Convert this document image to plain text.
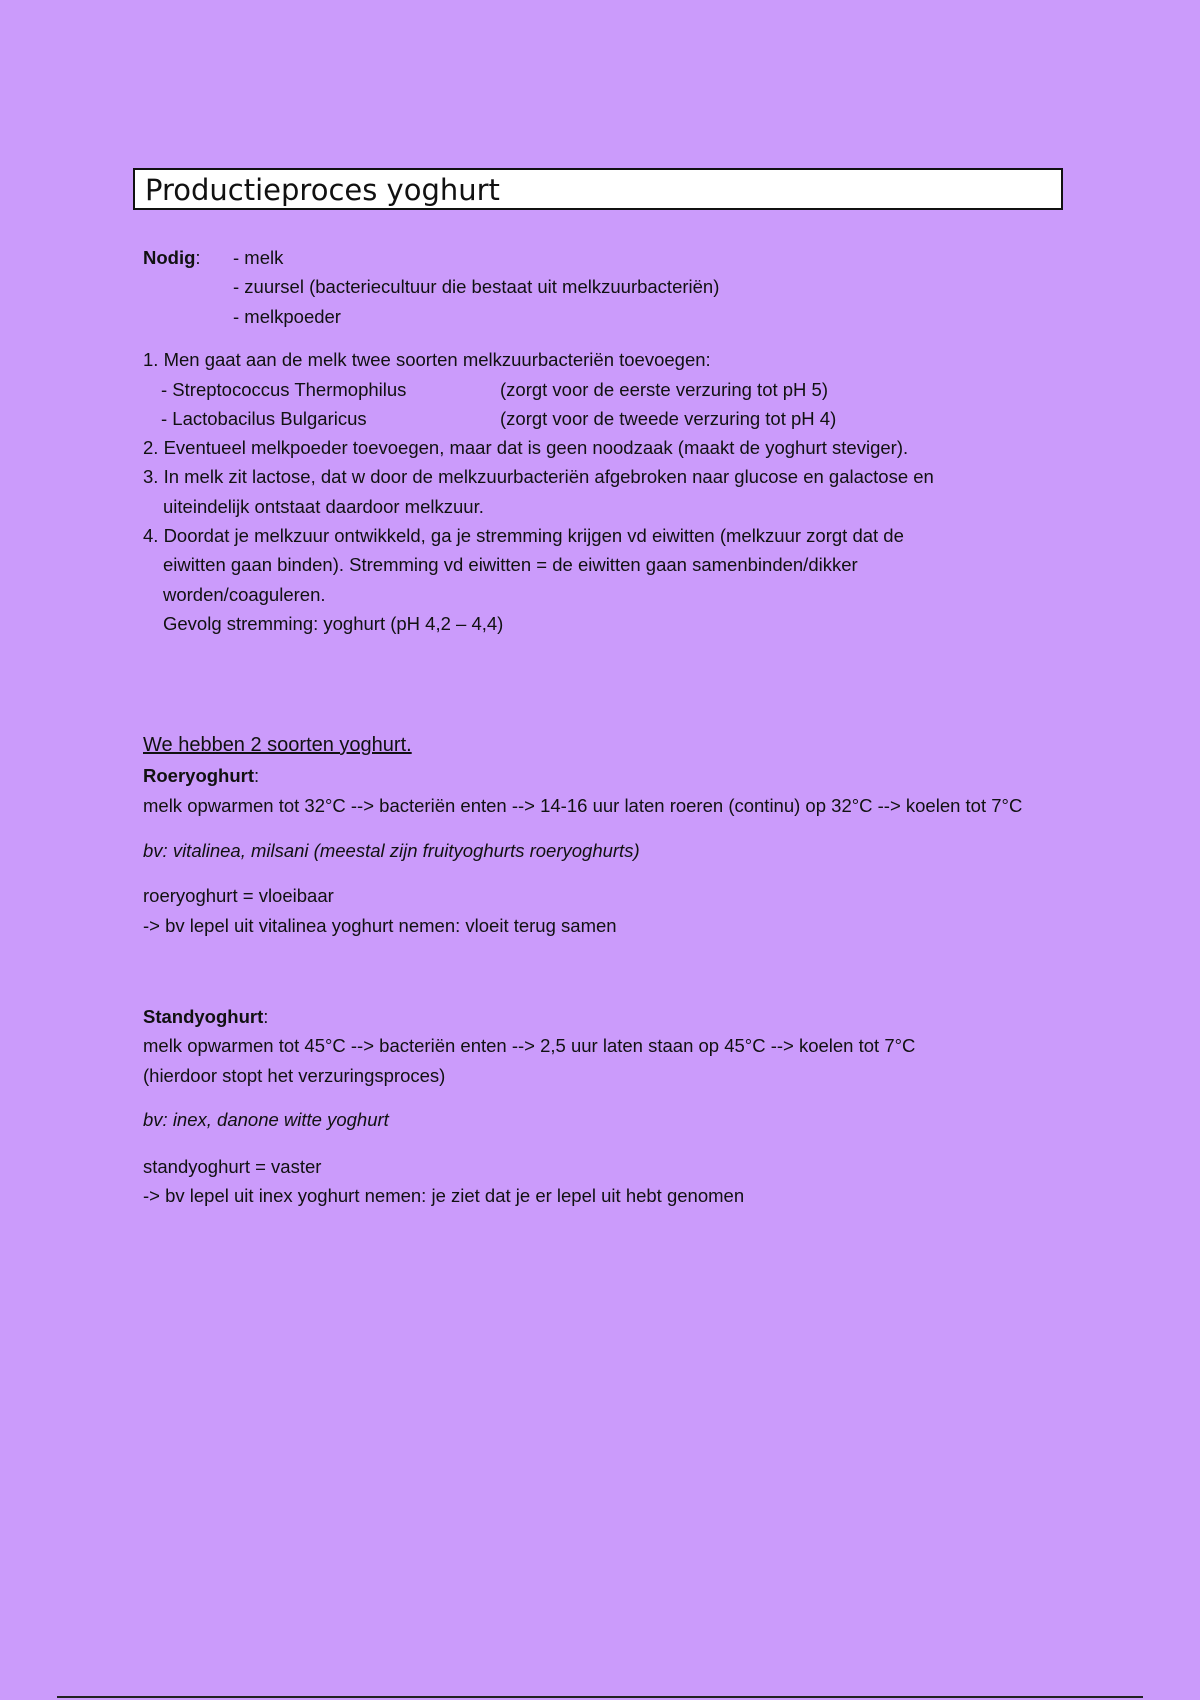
Productieproces yoghurt
Nodig: - melk
- zuursel (bacteriecultuur die bestaat uit melkzuurbacteriën)
- melkpoeder
1. Men gaat aan de melk twee soorten melkzuurbacteriën toevoegen:
- Streptococcus Thermophilus	(zorgt voor de eerste verzuring tot pH 5)
- Lactobacilus Bulgaricus	(zorgt voor de tweede verzuring tot pH 4)
2. Eventueel melkpoeder toevoegen, maar dat is geen noodzaak (maakt de yoghurt steviger).
3. In melk zit lactose, dat w door de melkzuurbacteriën afgebroken naar glucose en galactose en
uiteindelijk ontstaat daardoor melkzuur.
4. Doordat je melkzuur ontwikkeld, ga je stremming krijgen vd eiwitten (melkzuur zorgt dat de
eiwitten gaan binden). Stremming vd eiwitten = de eiwitten gaan samenbinden/dikker
worden/coaguleren.
Gevolg stremming: yoghurt (pH 4,2 – 4,4)
We hebben 2 soorten yoghurt.
Roeryoghurt:
melk opwarmen tot 32°C --> bacteriën enten --> 14-16 uur laten roeren (continu) op 32°C --> koelen tot 7°C
bv: vitalinea, milsani (meestal zijn fruityoghurts roeryoghurts)
roeryoghurt = vloeibaar
-> bv lepel uit vitalinea yoghurt nemen: vloeit terug samen
Standyoghurt:
melk opwarmen tot 45°C --> bacteriën enten --> 2,5 uur laten staan op 45°C --> koelen tot 7°C
(hierdoor stopt het verzuringsproces)
bv: inex, danone witte yoghurt
standyoghurt = vaster
-> bv lepel uit inex yoghurt nemen: je ziet dat je er lepel uit hebt genomen
